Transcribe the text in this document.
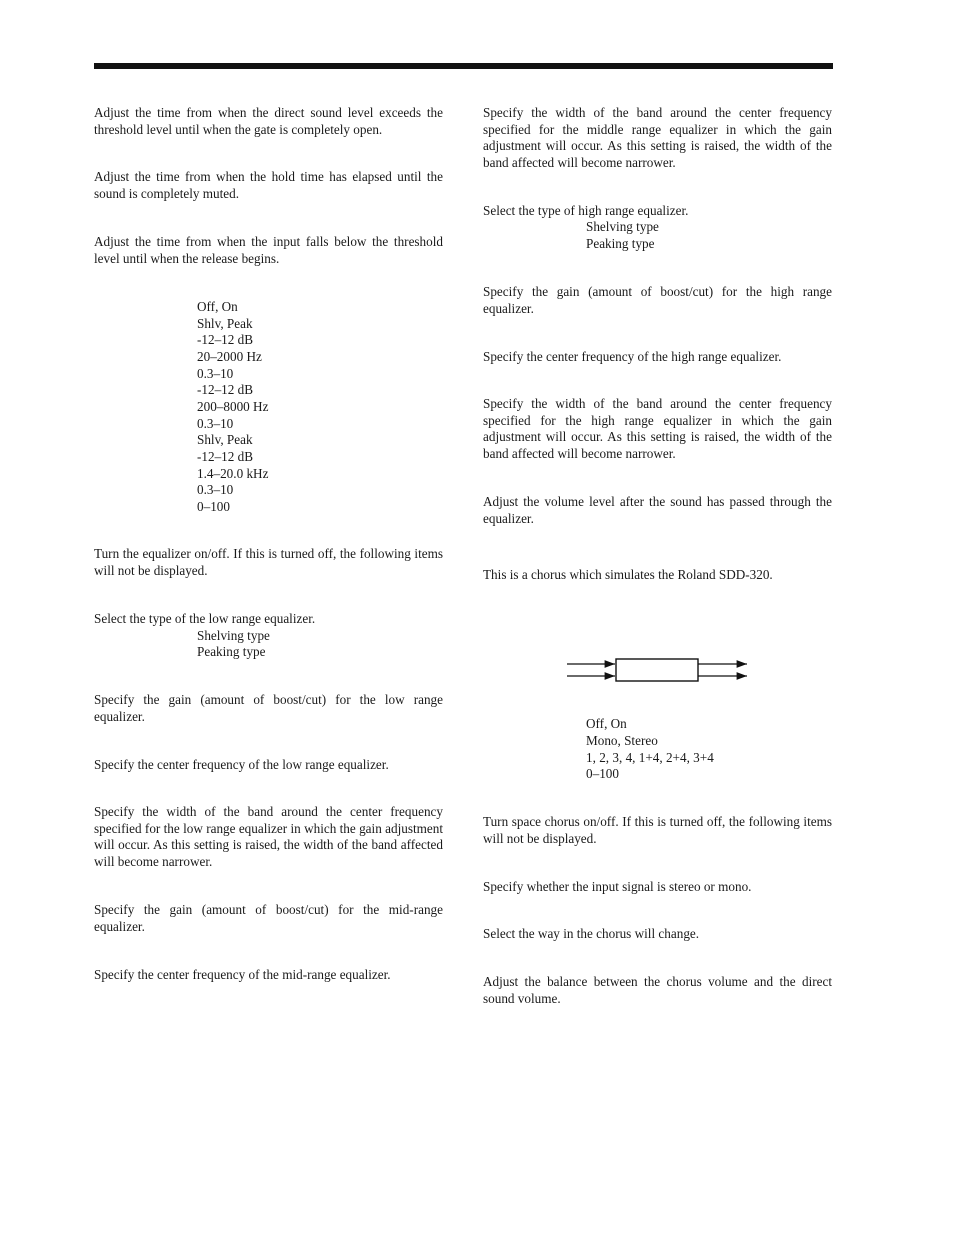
Adjust the time from when the direct sound level exceeds the threshold level until when the gate is completely open.

Adjust the time from when the hold time has elapsed until the sound is completely muted.

Adjust the time from when the input falls below the threshold level until when the release begins.

Off, On

Shlv, Peak

-12–12 dB

20–2000 Hz

0.3–10

-12–12 dB

200–8000 Hz

0.3–10

Shlv, Peak

-12–12 dB

1.4–20.0 kHz

0.3–10

0–100

Turn the equalizer on/off. If this is turned off, the following items will not be displayed.

Select the type of the low range equalizer.

Shelving type

Peaking type

Specify the gain (amount of boost/cut) for the low range equalizer.

Specify the center frequency of the low range equalizer.

Specify the width of the band around the center frequency specified for the low range equalizer in which the gain adjustment will occur. As this setting is raised, the width of the band affected will become narrower.

Specify the gain (amount of boost/cut) for the mid-range equalizer.

Specify the center frequency of the mid-range equalizer.

Specify the width of the band around the center frequency specified for the middle range equalizer in which the gain adjustment will occur. As this setting is raised, the width of the band affected will become narrower.

Select the type of high range equalizer.

Shelving type

Peaking type

Specify the gain (amount of boost/cut) for the high range equalizer.

Specify the center frequency of the high range equalizer.

Specify the width of the band around the center frequency specified for the high range equalizer in which the gain adjustment will occur. As this setting is raised, the width of the band affected will become narrower.

Adjust the volume level after the sound has passed through the equalizer.

This is a chorus which simulates the Roland SDD-320.

Off, On

Mono, Stereo

1, 2, 3, 4, 1+4, 2+4, 3+4

0–100

Turn space chorus on/off. If this is turned off, the following items will not be displayed.

Specify whether the input signal is stereo or mono.

Select the way in the chorus will change.

Adjust the balance between the chorus volume and the direct sound volume.
